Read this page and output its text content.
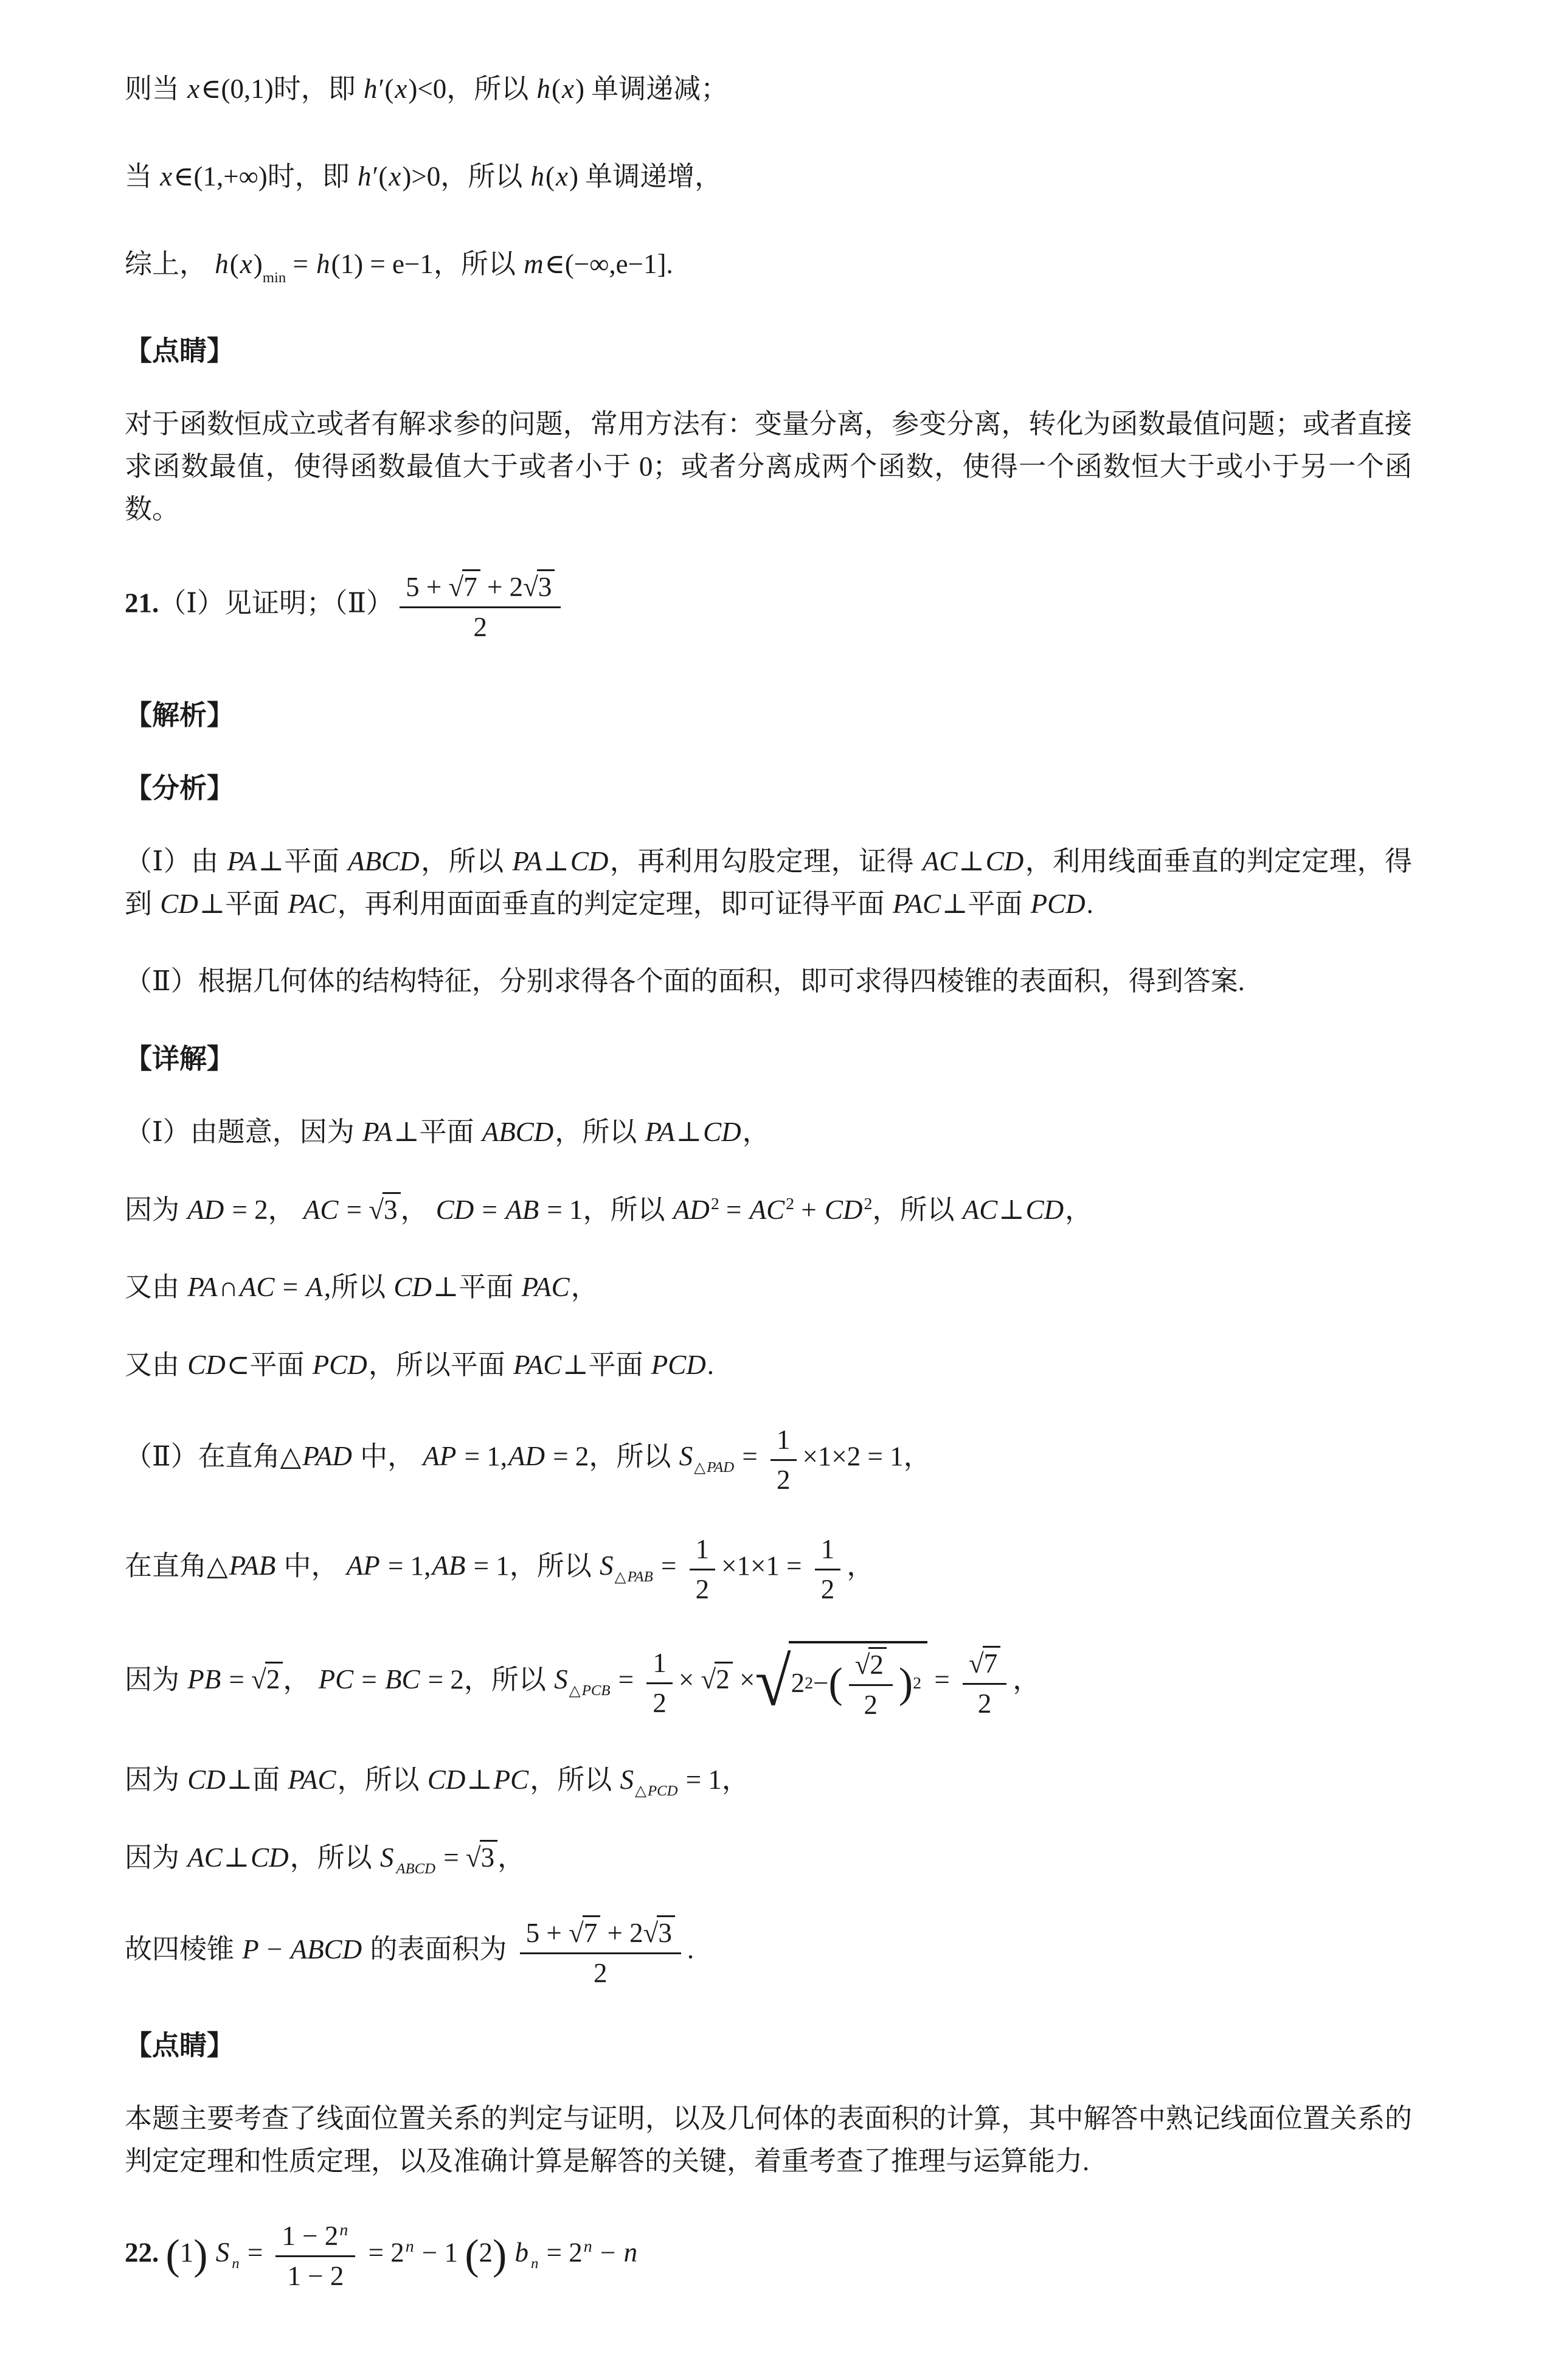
则当 x∈(0,1)时，即 h′(x)<0，所以 h(x) 单调递减；
当 x∈(1,+∞)时，即 h′(x)>0，所以 h(x) 单调递增，
综上， $h(x)_{min} = h(1) = e-1$，所以 m∈(−∞,e−1].
【点睛】
对于函数恒成立或者有解求参的问题，常用方法有：变量分离，参变分离，转化为函数最值问题；或者直接求函数最值，使得函数最值大于或者小于 0；或者分离成两个函数，使得一个函数恒大于或小于另一个函数。
21.（Ⅰ）见证明；（Ⅱ） $\frac{5 + √7 + 2√3}{2}$
【解析】
【分析】
（Ⅰ）由 PA⊥平面 ABCD，所以 PA⊥CD，再利用勾股定理，证得 AC⊥CD，利用线面垂直的判定定理，得到 CD⊥平面 PAC，再利用面面垂直的判定定理，即可证得平面 PAC⊥平面 PCD.
（Ⅱ）根据几何体的结构特征，分别求得各个面的面积，即可求得四棱锥的表面积，得到答案.
【详解】
（Ⅰ）由题意，因为 PA⊥平面 ABCD，所以 PA⊥CD，
因为 AD = 2， AC = √3 ， CD = AB = 1，所以 $AD^2 = AC^2 + CD^2$，所以 AC⊥CD，
又由 PA∩AC = A,所以 CD⊥平面 PAC，
又由 CD⊂平面 PCD，所以平面 PAC⊥平面 PCD.
（Ⅱ）在直角△PAD 中， AP = 1,AD = 2，所以 $S_{\triangle PAD} = \frac{1}{2} \times 1\times 2 = 1$，
在直角△PAB 中， AP = 1,AB = 1，所以 $S_{\triangle PAB} = \frac{1}{2} \times 1\times 1 = \frac{1}{2}$ ，
因为 PB = √2 ， PC = BC = 2，所以 $S_{\triangle PCB} = \frac{1}{2} \times √2$ × √ 2 2 − ( $\frac{√2}{2}$ ) $2 = \frac{√7}{2}$ ，
因为 CD⊥面 PAC，所以 CD⊥PC，所以 $S_{\triangle PCD} = 1$，
因为 AC⊥CD，所以 S $_{ABCD}$ = √3 ，
故四棱锥 P − ABCD 的表面积为 $\frac{5 + √7 + 2√3}{2}$ .
【点睛】
本题主要考查了线面位置关系的判定与证明，以及几何体的表面积的计算，其中解答中熟记线面位置关系的判定定理和性质定理，以及准确计算是解答的关键，着重考查了推理与运算能力.
22. (1) S $_n = \frac{1 - 2^n}{1 - 2} = 2^n - 1$ (2) b $_n = 2^n - n$
